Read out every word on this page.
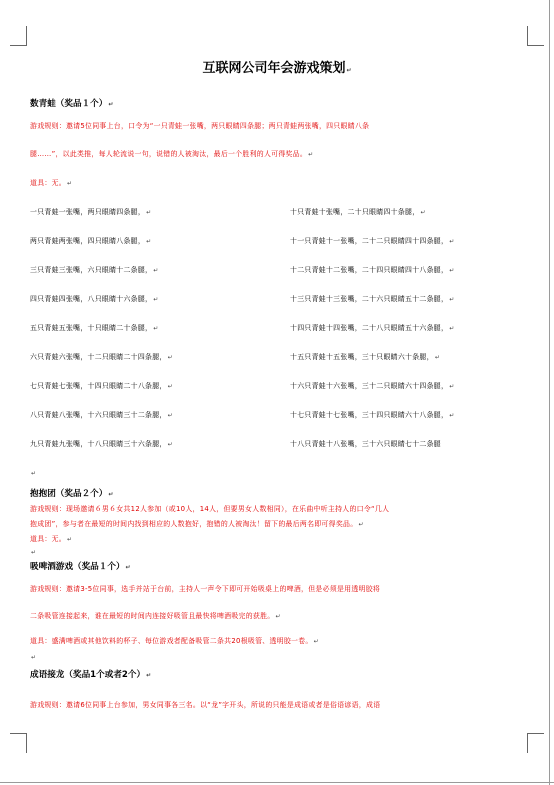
互联网公司年会游戏策划↵
数青蛙（奖品１个）↵
游戏规则：邀请5位同事上台，口令为“一只青蛙一张嘴，两只眼睛四条腿；两只青蛙两张嘴，四只眼睛八条
腿……”，以此类推，每人轮流说一句，说错的人被淘汰，最后一个胜利的人可得奖品。↵
道具：无。↵
一只青蛙一张嘴，两只眼睛四条腿，↵
两只青蛙两张嘴，四只眼睛八条腿，↵
三只青蛙三张嘴，六只眼睛十二条腿，↵
四只青蛙四张嘴，八只眼睛十六条腿，↵
五只青蛙五张嘴，十只眼睛二十条腿，↵
六只青蛙六张嘴，十二只眼睛二十四条腿，↵
七只青蛙七张嘴，十四只眼睛二十八条腿，↵
八只青蛙八张嘴，十六只眼睛三十二条腿，↵
九只青蛙九张嘴，十八只眼睛三十六条腿，↵
十只青蛙十张嘴，二十只眼睛四十条腿，↵
十一只青蛙十一张嘴，二十二只眼睛四十四条腿，↵
十二只青蛙十二张嘴，二十四只眼睛四十八条腿，↵
十三只青蛙十三张嘴，二十六只眼睛五十二条腿，↵
十四只青蛙十四张嘴，二十八只眼睛五十六条腿，↵
十五只青蛙十五张嘴，三十只眼睛六十条腿，↵
十六只青蛙十六张嘴，三十二只眼睛六十四条腿，↵
十七只青蛙十七张嘴，三十四只眼睛六十八条腿，↵
十八只青蛙十八张嘴，三十六只眼睛七十二条腿
↵
抱抱团（奖品２个）↵
游戏规则：现场邀请６男６女共12人参加（或10人，14人，但要男女人数相同），在乐曲中听主持人的口令“几人
抱成团”，参与者在最短的时间内找到相应的人数抱好，抱错的人被淘汰！留下的最后两名即可得奖品。↵
道具：无。↵
↵
吸啤酒游戏（奖品１个）↵
游戏规则：邀请3-5位同事，选手并站于台前，主持人一声令下即可开始吸桌上的啤酒，但是必须是用透明胶将
二条吸管连接起来，谁在最短的时间内连接好吸管且最快将啤酒吸完的获胜。↵
道具：盛满啤酒或其他饮料的杯子、每位游戏者配备吸管二条共20根吸管、透明胶一卷。↵
↵
成语接龙（奖品1个或者2个）↵
游戏规则：邀请6位同事上台参加，男女同事各三名。以“龙”字开头，所说的只能是成语或者是俗语谚语，成语
